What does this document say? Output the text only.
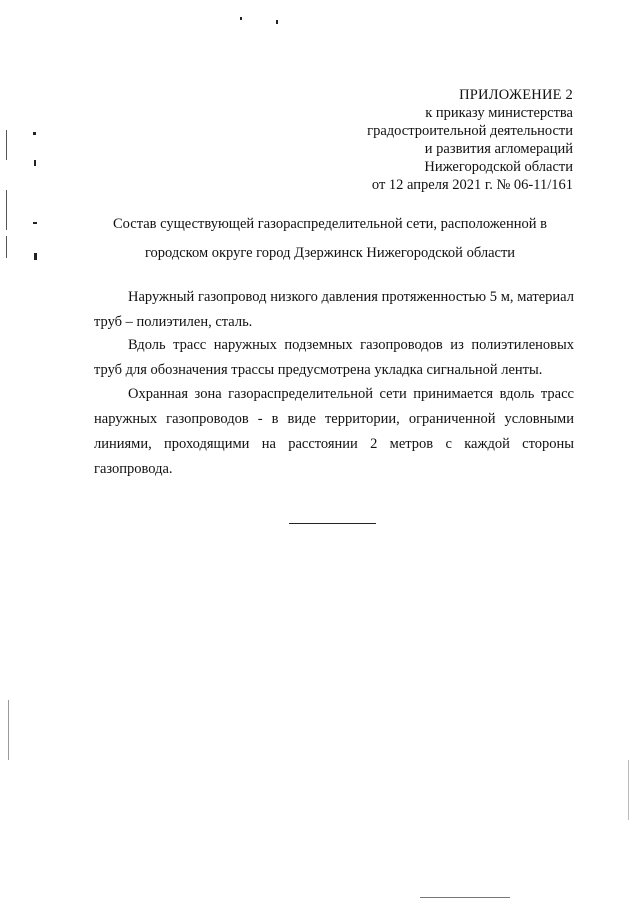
ПРИЛОЖЕНИЕ 2
к приказу министерства
градостроительной деятельности
и развития агломераций
Нижегородской области
от 12 апреля 2021 г. № 06-11/161
Состав существующей газораспределительной сети, расположенной в
городском округе город Дзержинск Нижегородской области
Наружный газопровод низкого давления протяженностью 5 м, материал труб – полиэтилен, сталь.
Вдоль трасс наружных подземных газопроводов из полиэтиленовых труб для обозначения трассы предусмотрена укладка сигнальной ленты.
Охранная зона газораспределительной сети принимается вдоль трасс наружных газопроводов - в виде территории, ограниченной условными линиями, проходящими на расстоянии 2 метров с каждой стороны газопровода.
